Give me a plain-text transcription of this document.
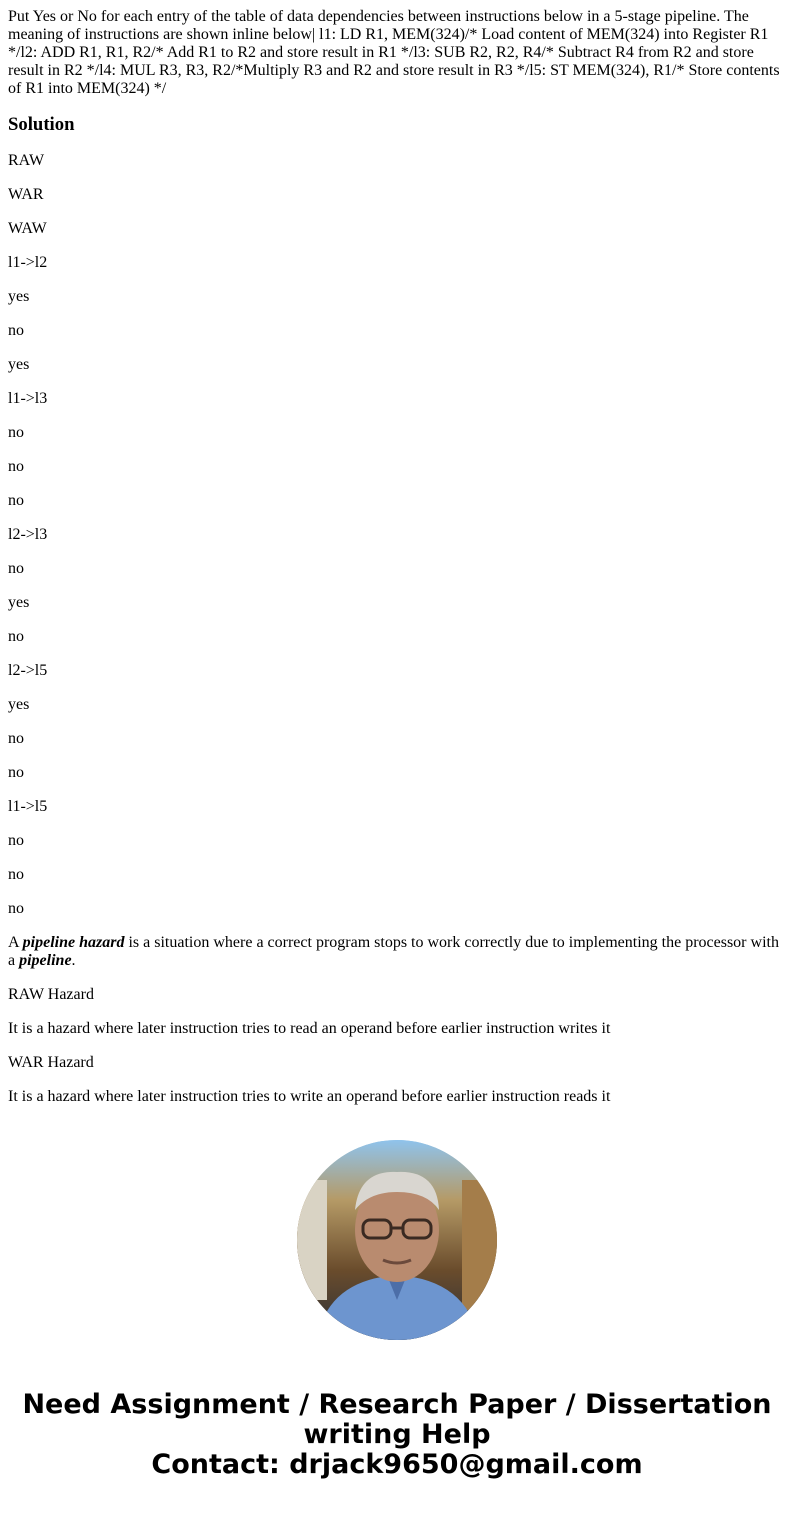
Put Yes or No for each entry of the table of data dependencies between instructions below in a 5-stage pipeline. The meaning of instructions are shown inline below| l1: LD R1, MEM(324)/* Load content of MEM(324) into Register R1 */l2: ADD R1, R1, R2/* Add R1 to R2 and store result in R1 */l3: SUB R2, R2, R4/* Subtract R4 from R2 and store result in R2 */l4: MUL R3, R3, R2/*Multiply R3 and R2 and store result in R3 */l5: ST MEM(324), R1/* Store contents of R1 into MEM(324) */

Solution

RAW

WAR

WAW

l1->l2

yes

no

yes

l1->l3

no

no

no

l2->l3

no

yes

no

l2->l5

yes

no

no

l1->l5

no

no

no

A pipeline hazard is a situation where a correct program stops to work correctly due to implementing the processor with a pipeline.

RAW Hazard

It is a hazard where later instruction tries to read an operand before earlier instruction writes it

WAR Hazard

It is a hazard where later instruction tries to write an operand before earlier instruction reads it

Need Assignment / Research Paper / Dissertation
writing Help
Contact: drjack9650@gmail.com
